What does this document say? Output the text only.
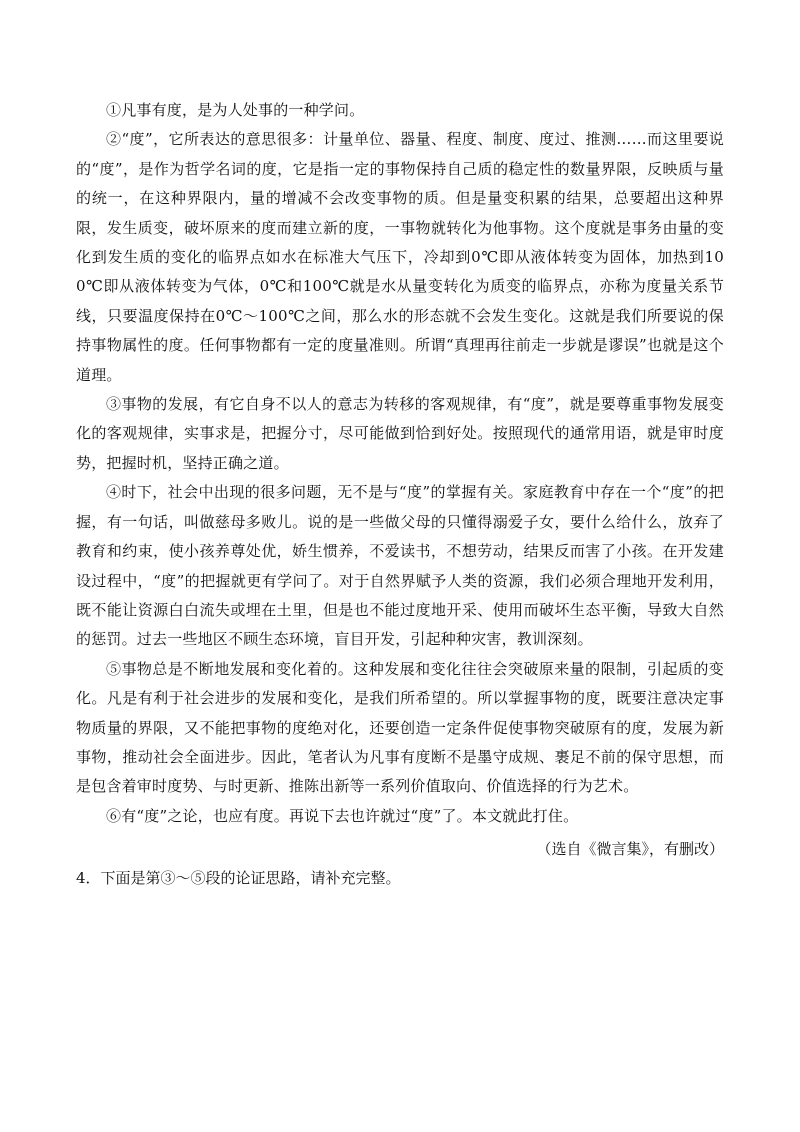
①凡事有度，是为人处事的一种学问。

②“度”，它所表达的意思很多：计量单位、器量、程度、制度、度过、推测……而这里要说的“度”，是作为哲学名词的度，它是指一定的事物保持自己质的稳定性的数量界限，反映质与量的统一，在这种界限内，量的增减不会改变事物的质。但是量变积累的结果，总要超出这种界限，发生质变，破坏原来的度而建立新的度，一事物就转化为他事物。这个度就是事务由量的变化到发生质的变化的临界点如水在标准大气压下，冷却到0℃即从液体转变为固体，加热到100℃即从液体转变为气体，0℃和100℃就是水从量变转化为质变的临界点，亦称为度量关系节线，只要温度保持在0℃～100℃之间，那么水的形态就不会发生变化。这就是我们所要说的保持事物属性的度。任何事物都有一定的度量准则。所谓“真理再往前走一步就是谬误”也就是这个道理。

③事物的发展，有它自身不以人的意志为转移的客观规律，有“度”，就是要尊重事物发展变化的客观规律，实事求是，把握分寸，尽可能做到恰到好处。按照现代的通常用语，就是审时度势，把握时机，坚持正确之道。

④时下，社会中出现的很多问题，无不是与“度”的掌握有关。家庭教育中存在一个“度”的把握，有一句话，叫做慈母多败儿。说的是一些做父母的只懂得溺爱子女，要什么给什么，放弃了教育和约束，使小孩养尊处优，娇生惯养，不爱读书，不想劳动，结果反而害了小孩。在开发建设过程中，“度”的把握就更有学问了。对于自然界赋予人类的资源，我们必须合理地开发利用，既不能让资源白白流失或埋在土里，但是也不能过度地开采、使用而破坏生态平衡，导致大自然的惩罚。过去一些地区不顾生态环境，盲目开发，引起种种灾害，教训深刻。

⑤事物总是不断地发展和变化着的。这种发展和变化往往会突破原来量的限制，引起质的变化。凡是有利于社会进步的发展和变化，是我们所希望的。所以掌握事物的度，既要注意决定事物质量的界限，又不能把事物的度绝对化，还要创造一定条件促使事物突破原有的度，发展为新事物，推动社会全面进步。因此，笔者认为凡事有度断不是墨守成规、裹足不前的保守思想，而是包含着审时度势、与时更新、推陈出新等一系列价值取向、价值选择的行为艺术。

⑥有“度”之论，也应有度。再说下去也许就过“度”了。本文就此打住。

（选自《微言集》，有删改）

4．下面是第③～⑤段的论证思路，请补充完整。
